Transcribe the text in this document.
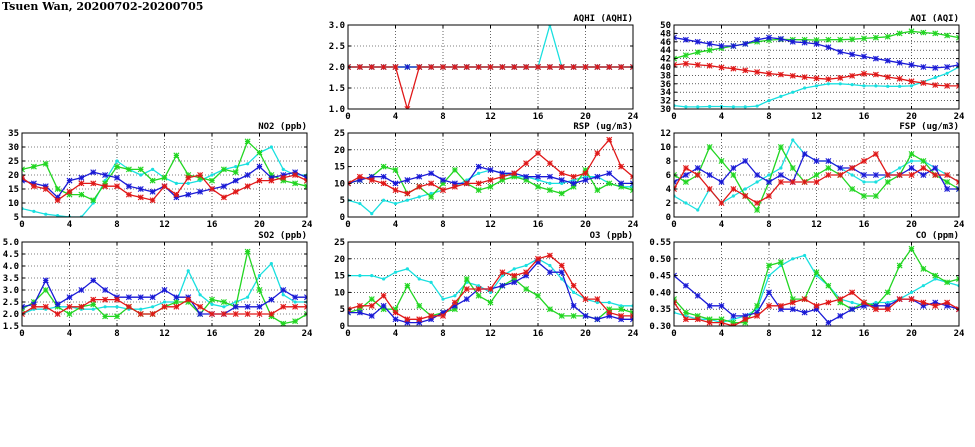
Tsuen Wan, 20200702-20200705
0	4	8	12	16	20	24
1.0
1.5
2.0
2.5
3.0
AQHI (AQHI)
0	4	8	12	16	20	24
30
32
34
36
38
40
42
44
46
48
50
AQI (AQI)
0	4	8	12	16	20	24
5
10
15
20
25
30
35
NO2 (ppb)
0	4	8	12	16	20	24
0
5
10
15
20
25
RSP (ug/m3)
0	4	8	12	16	20	24
0
2
4
6
8
10
12
FSP (ug/m3)
0	4	8	12	16	20	24
1.5
2.0
2.5
3.0
3.5
4.0
4.5
5.0
SO2 (ppb)
0	4	8	12	16	20	24
0
5
10
15
20
25
O3 (ppb)
0	4	8	12	16	20	24
0.30
0.35
0.40
0.45
0.50
0.55
CO (ppm)
